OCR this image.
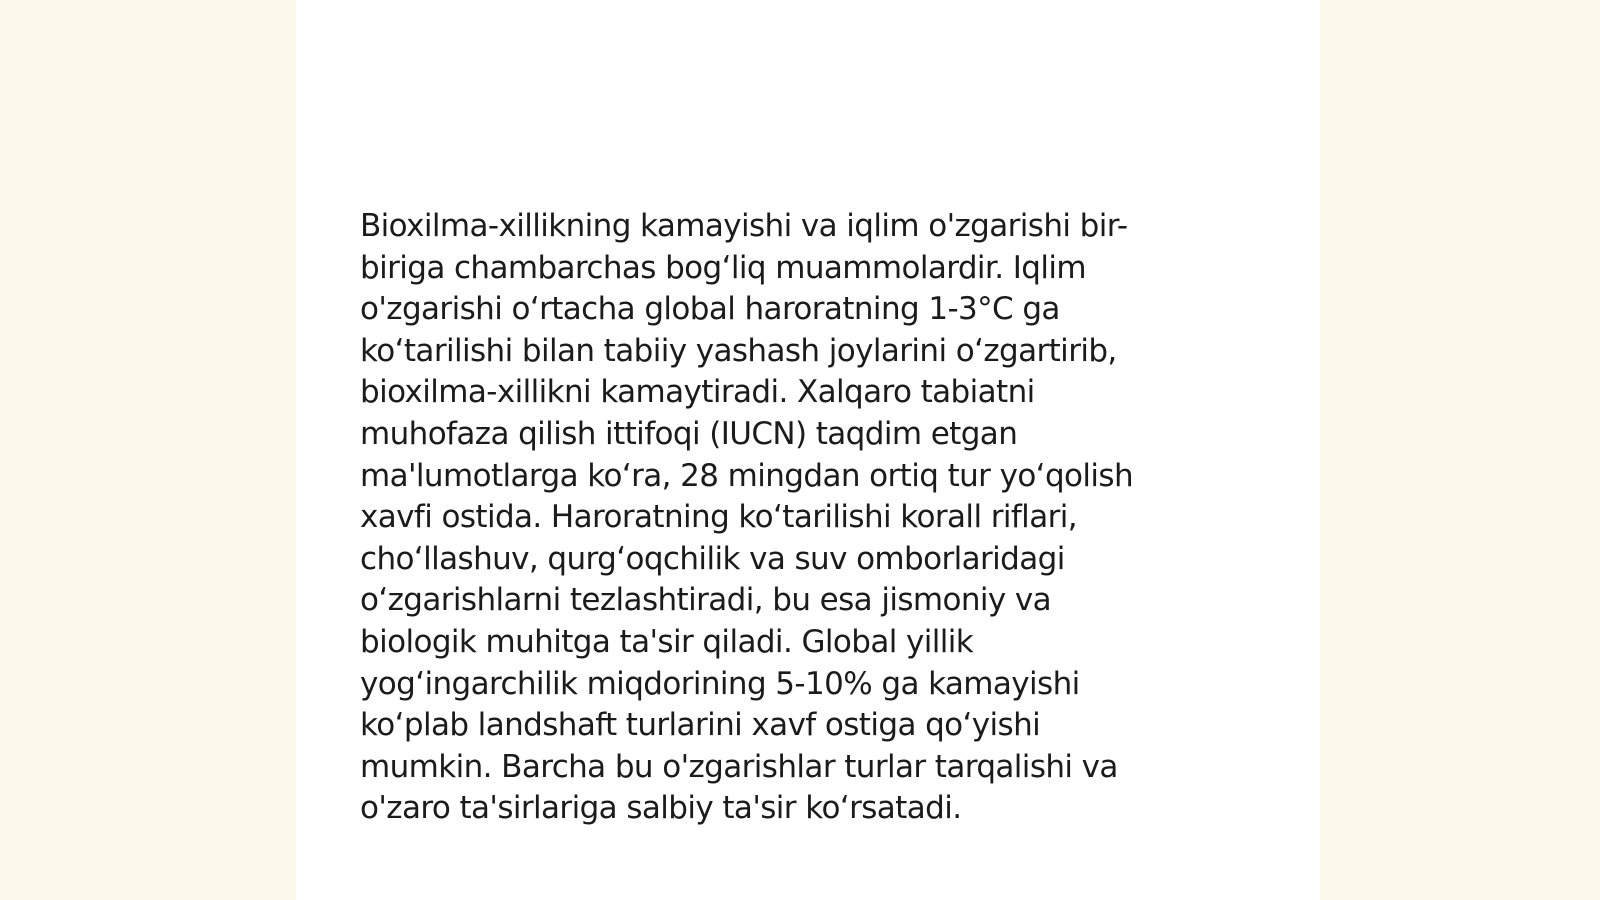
Bioxilma-xillikning kamayishi va iqlim o'zgarishi bir-
biriga chambarchas bog‘liq muammolardir. Iqlim
o'zgarishi o‘rtacha global haroratning 1-3°C ga
ko‘tarilishi bilan tabiiy yashash joylarini o‘zgartirib,
bioxilma-xillikni kamaytiradi. Xalqaro tabiatni
muhofaza qilish ittifoqi (IUCN) taqdim etgan
ma'lumotlarga ko‘ra, 28 mingdan ortiq tur yo‘qolish
xavfi ostida. Haroratning ko‘tarilishi korall riflari,
cho‘llashuv, qurg‘oqchilik va suv omborlaridagi
o‘zgarishlarni tezlashtiradi, bu esa jismoniy va
biologik muhitga ta'sir qiladi. Global yillik
yog‘ingarchilik miqdorining 5-10% ga kamayishi
ko‘plab landshaft turlarini xavf ostiga qo‘yishi
mumkin. Barcha bu o'zgarishlar turlar tarqalishi va
o'zaro ta'sirlariga salbiy ta'sir ko‘rsatadi.
